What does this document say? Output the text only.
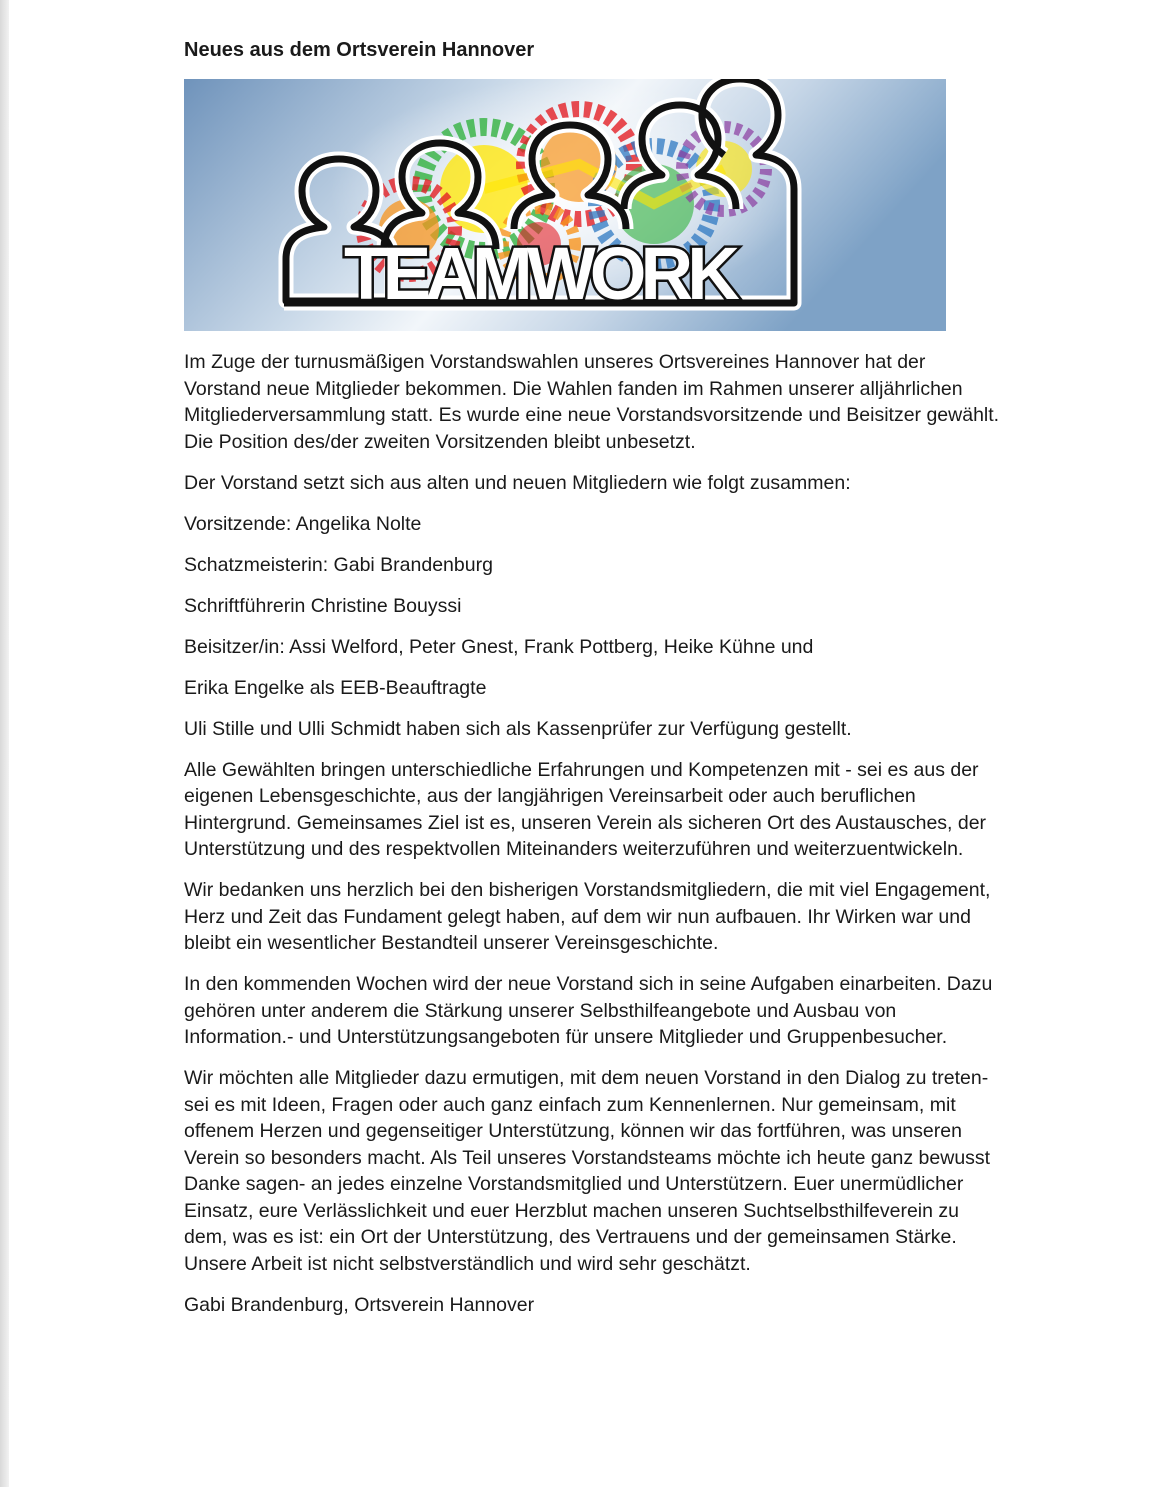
Neues aus dem Ortsverein Hannover
TEAMWORK

Im Zuge der turnusmäßigen Vorstandswahlen unseres Ortsvereines Hannover hat der Vorstand neue Mitglieder bekommen. Die Wahlen fanden im Rahmen unserer alljährlichen Mitgliederversammlung statt. Es wurde eine neue Vorstandsvorsitzende und Beisitzer gewählt. Die Position des/der zweiten Vorsitzenden bleibt unbesetzt.

Der Vorstand setzt sich aus alten und neuen Mitgliedern wie folgt zusammen:

Vorsitzende: Angelika Nolte

Schatzmeisterin: Gabi Brandenburg

Schriftführerin Christine Bouyssi

Beisitzer/in: Assi Welford, Peter Gnest, Frank Pottberg, Heike Kühne und

Erika Engelke als EEB-Beauftragte

Uli Stille und Ulli Schmidt haben sich als Kassenprüfer zur Verfügung gestellt.

Alle Gewählten bringen unterschiedliche Erfahrungen und Kompetenzen mit - sei es aus der eigenen Lebensgeschichte, aus der langjährigen Vereinsarbeit oder auch beruflichen Hintergrund. Gemeinsames Ziel ist es, unseren Verein als sicheren Ort des Austausches, der Unterstützung und des respektvollen Miteinanders weiterzuführen und weiterzuentwickeln.

Wir bedanken uns herzlich bei den bisherigen Vorstandsmitgliedern, die mit viel Engagement, Herz und Zeit das Fundament gelegt haben, auf dem wir nun aufbauen. Ihr Wirken war und bleibt ein wesentlicher Bestandteil unserer Vereinsgeschichte.

In den kommenden Wochen wird der neue Vorstand sich in seine Aufgaben einarbeiten. Dazu gehören unter anderem die Stärkung unserer Selbsthilfeangebote und Ausbau von Information.- und Unterstützungsangeboten für unsere Mitglieder und Gruppenbesucher.

Wir möchten alle Mitglieder dazu ermutigen, mit dem neuen Vorstand in den Dialog zu treten-sei es mit Ideen, Fragen oder auch ganz einfach zum Kennenlernen. Nur gemeinsam, mit offenem Herzen und gegenseitiger Unterstützung, können wir das fortführen, was unseren Verein so besonders macht. Als Teil unseres Vorstandsteams möchte ich heute ganz bewusst Danke sagen- an jedes einzelne Vorstandsmitglied und Unterstützern. Euer unermüdlicher Einsatz, eure Verlässlichkeit und euer Herzblut machen unseren Suchtselbsthilfeverein zu dem, was es ist: ein Ort der Unterstützung, des Vertrauens und der gemeinsamen Stärke. Unsere Arbeit ist nicht selbstverständlich und wird sehr geschätzt.

Gabi Brandenburg, Ortsverein Hannover
